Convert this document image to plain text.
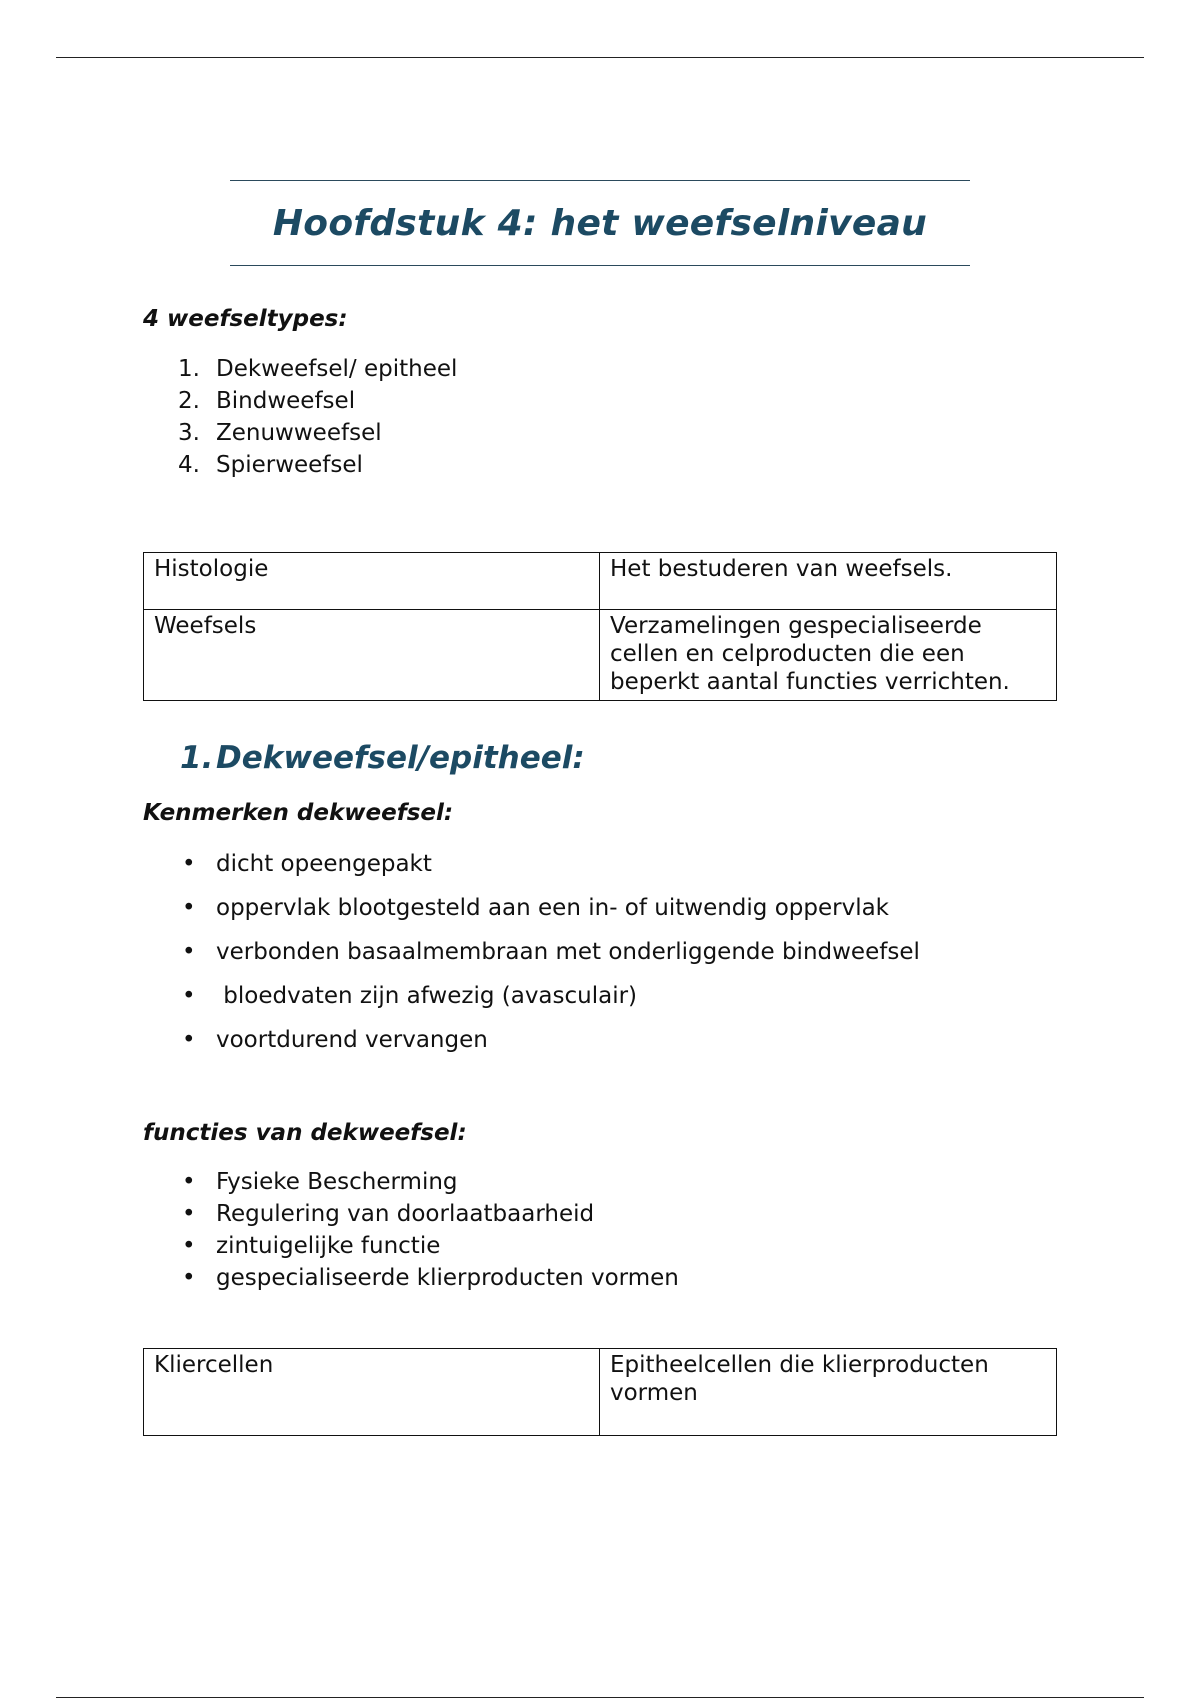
Hoofdstuk 4: het weefselniveau

4 weefseltypes:

1. Dekweefsel/ epitheel
2. Bindweefsel
3. Zenuwweefsel
4. Spierweefsel
Histologie	Het bestuderen van weefsels.
Weefsels	Verzamelingen gespecialiseerde cellen en celproducten die een beperkt aantal functies verrichten.
1. Dekweefsel/epitheel:

Kenmerken dekweefsel:

• dicht opeengepakt
• oppervlak blootgesteld aan een in- of uitwendig oppervlak
• verbonden basaalmembraan met onderliggende bindweefsel
• bloedvaten zijn afwezig (avasculair)
• voortdurend vervangen

functies van dekweefsel:

• Fysieke Bescherming
• Regulering van doorlaatbaarheid
• zintuigelijke functie
• gespecialiseerde klierproducten vormen
Kliercellen	Epitheelcellen die klierproducten vormen
